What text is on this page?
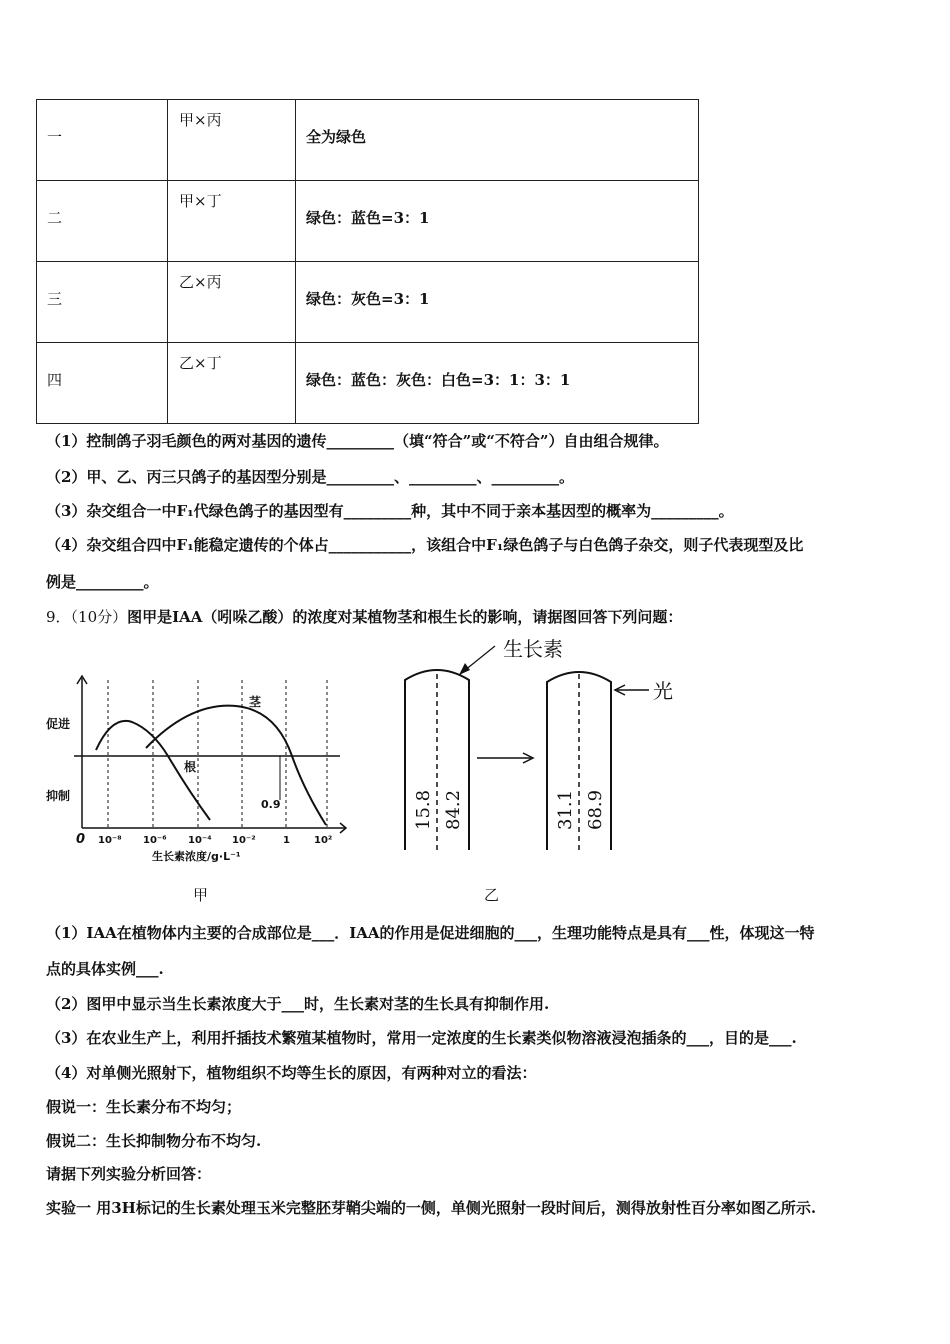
一	甲×丙	全为绿色

二	甲×丁	绿色：蓝色=3：1

三	乙×丙	绿色：灰色=3：1

四	乙×丁	绿色：蓝色：灰色：白色=3：1：3：1
（1）控制鸽子羽毛颜色的两对基因的遗传_________（填“符合”或“不符合”）自由组合规律。
（2）甲、乙、丙三只鸽子的基因型分别是_________、_________、_________。
（3）杂交组合一中F₁代绿色鸽子的基因型有_________种，其中不同于亲本基因型的概率为_________。
（4）杂交组合四中F₁能稳定遗传的个体占___________，该组合中F₁绿色鸽子与白色鸽子杂交，则子代表现型及比
例是_________。
9．（10分）图甲是IAA（吲哚乙酸）的浓度对某植物茎和根生长的影响，请据图回答下列问题：
促进
抑制
0 10⁻⁸ 10⁻⁶ 10⁻⁴ 10⁻²	1 10²
生长素浓度/g·L⁻¹
茎
根
0.9
甲
生长素
光
15.8 84.2	31.1 68.9
乙
（1）IAA在植物体内主要的合成部位是___．IAA的作用是促进细胞的___，生理功能特点是具有___性，体现这一特
点的具体实例___.
（2）图甲中显示当生长素浓度大于___时，生长素对茎的生长具有抑制作用.
（3）在农业生产上，利用扦插技术繁殖某植物时，常用一定浓度的生长素类似物溶液浸泡插条的___，目的是___.
（4）对单侧光照射下，植物组织不均等生长的原因，有两种对立的看法：
假说一：生长素分布不均匀；
假说二：生长抑制物分布不均匀.
请据下列实验分析回答：
实验一 用3H标记的生长素处理玉米完整胚芽鞘尖端的一侧，单侧光照射一段时间后，测得放射性百分率如图乙所示.
